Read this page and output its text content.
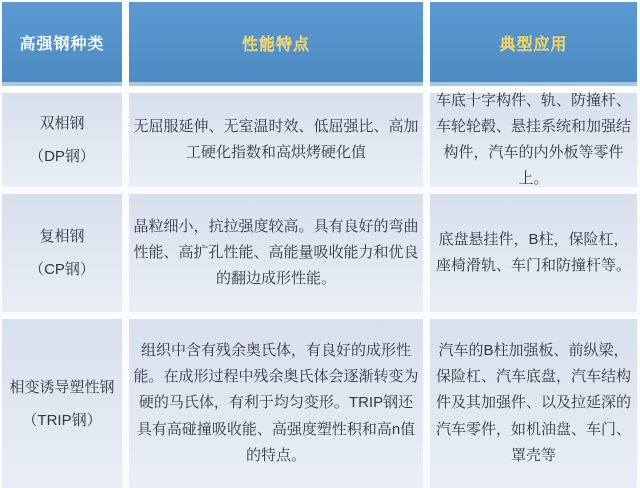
高强钢种类	性能特点	典型应用
双相钢
（DP钢）
无屈服延伸、无室温时效、低屈强比、高加工硬化指数和高烘烤硬化值
车底十字构件、轨、防撞杆、车轮轮毂、悬挂系统和加强结构件，汽车的内外板等零件上。
复相钢
（CP钢）
晶粒细小，抗拉强度较高。具有良好的弯曲性能、高扩孔性能、高能量吸收能力和优良的翻边成形性能。
底盘悬挂件，B柱，保险杠，座椅滑轨、车门和防撞杆等。
相变诱导塑性钢
（TRIP钢）
组织中含有残余奥氏体，有良好的成形性能。在成形过程中残余奥氏体会逐渐转变为硬的马氏体，有利于均匀变形。TRIP钢还具有高碰撞吸收能、高强度塑性积和高n值的特点。
汽车的B柱加强板、前纵梁，保险杠、汽车底盘，汽车结构件及其加强件、以及拉延深的汽车零件，如机油盘、车门、罩壳等
